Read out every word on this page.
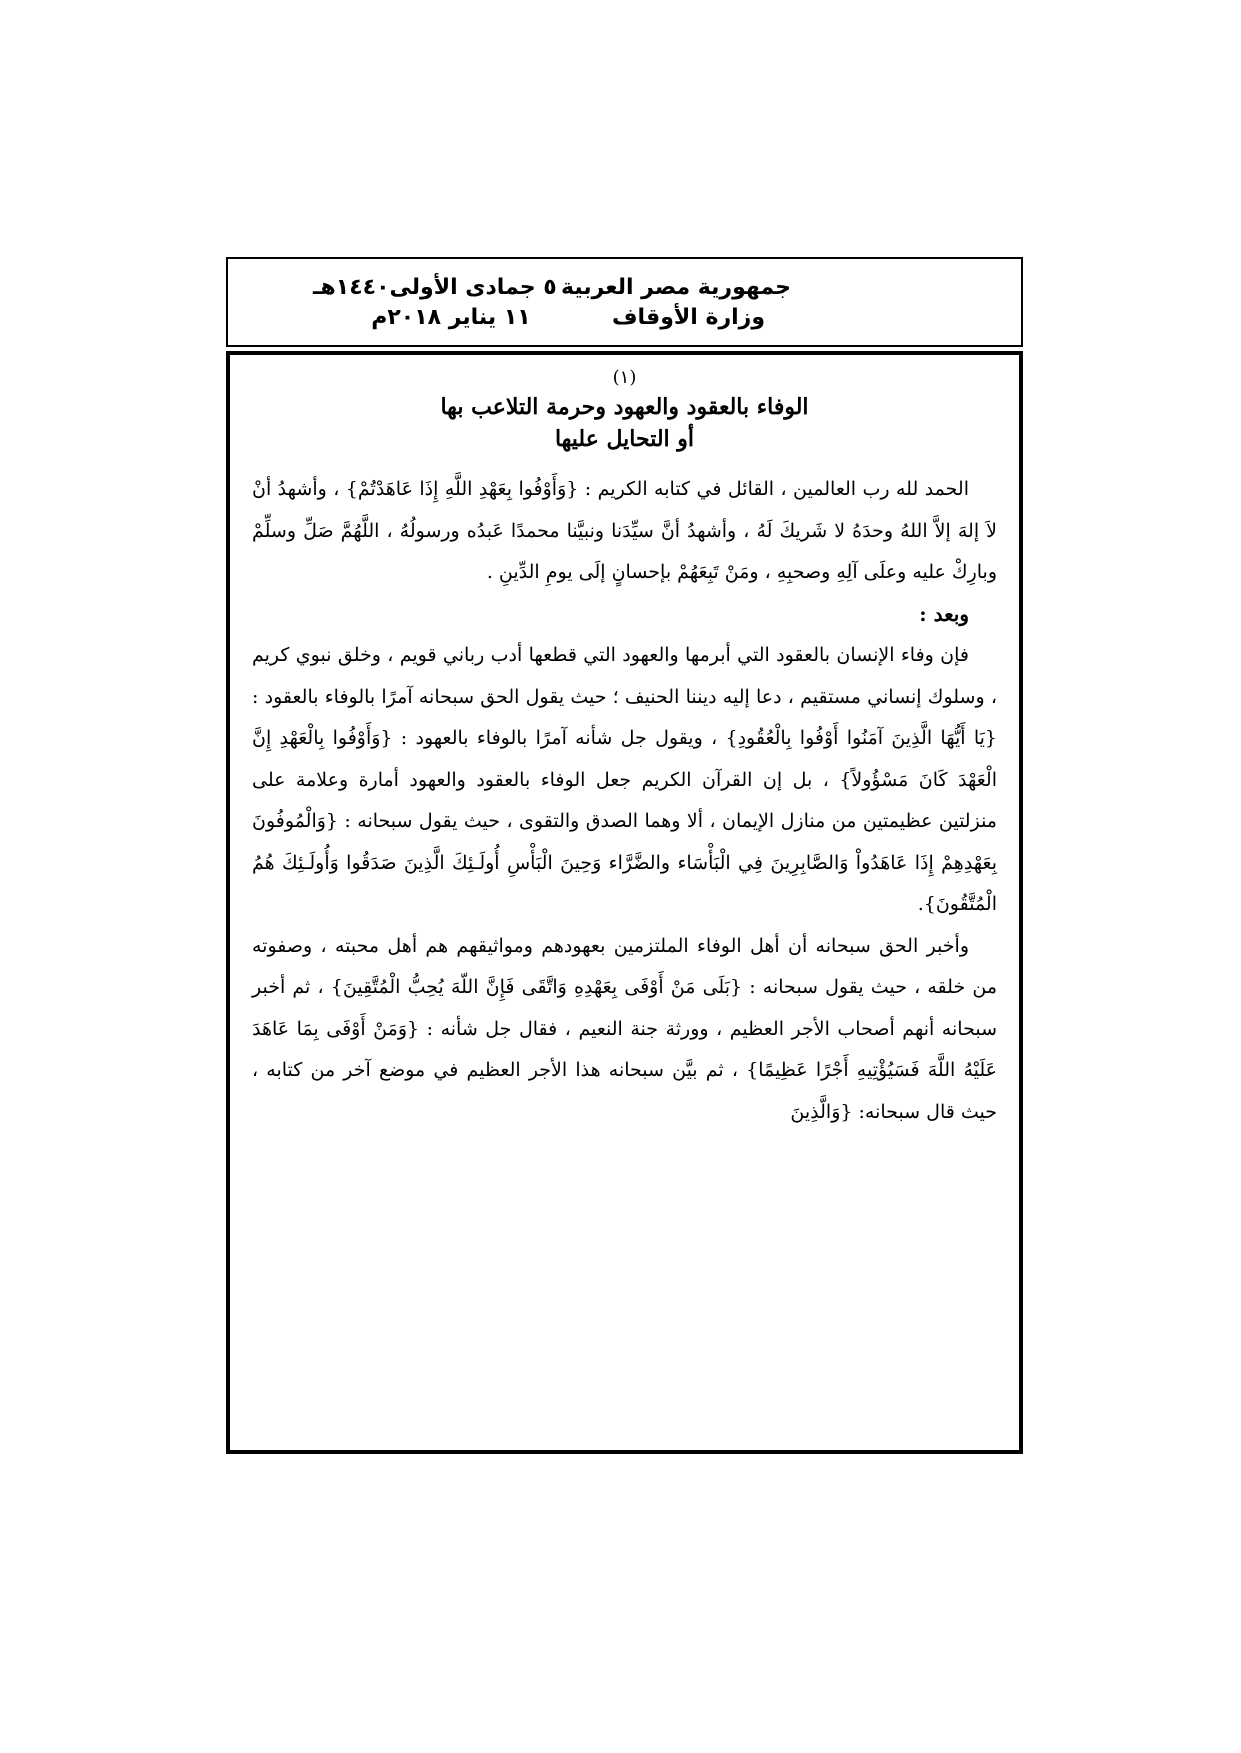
جمهورية مصر العربية
وزارة الأوقاف
٥ جمادى الأولى١٤٤٠هـ
١١ يناير ٢٠١٨م
(١)
الوفاء بالعقود والعهود وحرمة التلاعب بها
أو التحايل عليها

الحمد لله رب العالمين ، القائل في كتابه الكريم : {وَأَوْفُوا بِعَهْدِ اللَّهِ إِذَا عَاهَدْتُمْ} ، وأشهدُ أنْ لاَ إلهَ إلاَّ اللهُ وحدَهُ لا شَريكَ لَهُ ، وأشهدُ أنَّ سيِّدَنا ونبيَّنا محمدًا عَبدُه ورسولُهُ ، اللَّهُمَّ صَلِّ وسلِّمْ وبارِكْ عليه وعلَى آلِهِ وصحبِهِ ، ومَنْ تَبِعَهُمْ بإحسانٍ إلَى يومِ الدِّينِ .

وبعد :

فإن وفاء الإنسان بالعقود التي أبرمها والعهود التي قطعها أدب رباني قويم ، وخلق نبوي كريم ، وسلوك إنساني مستقيم ، دعا إليه ديننا الحنيف ؛ حيث يقول الحق سبحانه آمرًا بالوفاء بالعقود : {يَا أَيُّهَا الَّذِينَ آمَنُوا أَوْفُوا بِالْعُقُودِ} ، ويقول جل شأنه آمرًا بالوفاء بالعهود : {وَأَوْفُوا بِالْعَهْدِ إِنَّ الْعَهْدَ كَانَ مَسْؤُولاً} ، بل إن القرآن الكريم جعل الوفاء بالعقود والعهود أمارة وعلامة على منزلتين عظيمتين من منازل الإيمان ، ألا وهما الصدق والتقوى ، حيث يقول سبحانه : {وَالْمُوفُونَ بِعَهْدِهِمْ إِذَا عَاهَدُواْ وَالصَّابِرِينَ فِي الْبَأْسَاء والضَّرَّاء وَحِينَ الْبَأْسِ أُولَـئِكَ الَّذِينَ صَدَقُوا وَأُولَـئِكَ هُمُ الْمُتَّقُونَ}.

وأخبر الحق سبحانه أن أهل الوفاء الملتزمين بعهودهم ومواثيقهم هم أهل محبته ، وصفوته من خلقه ، حيث يقول سبحانه : {بَلَى مَنْ أَوْفَى بِعَهْدِهِ وَاتَّقَى فَإِنَّ اللّهَ يُحِبُّ الْمُتَّقِينَ} ، ثم أخبر سبحانه أنهم أصحاب الأجر العظيم ، وورثة جنة النعيم ، فقال جل شأنه : {وَمَنْ أَوْفَى بِمَا عَاهَدَ عَلَيْهُ اللَّهَ فَسَيُؤْتِيهِ أَجْرًا عَظِيمًا} ، ثم بيَّن سبحانه هذا الأجر العظيم في موضع آخر من كتابه ، حيث قال سبحانه: {وَالَّذِينَ
